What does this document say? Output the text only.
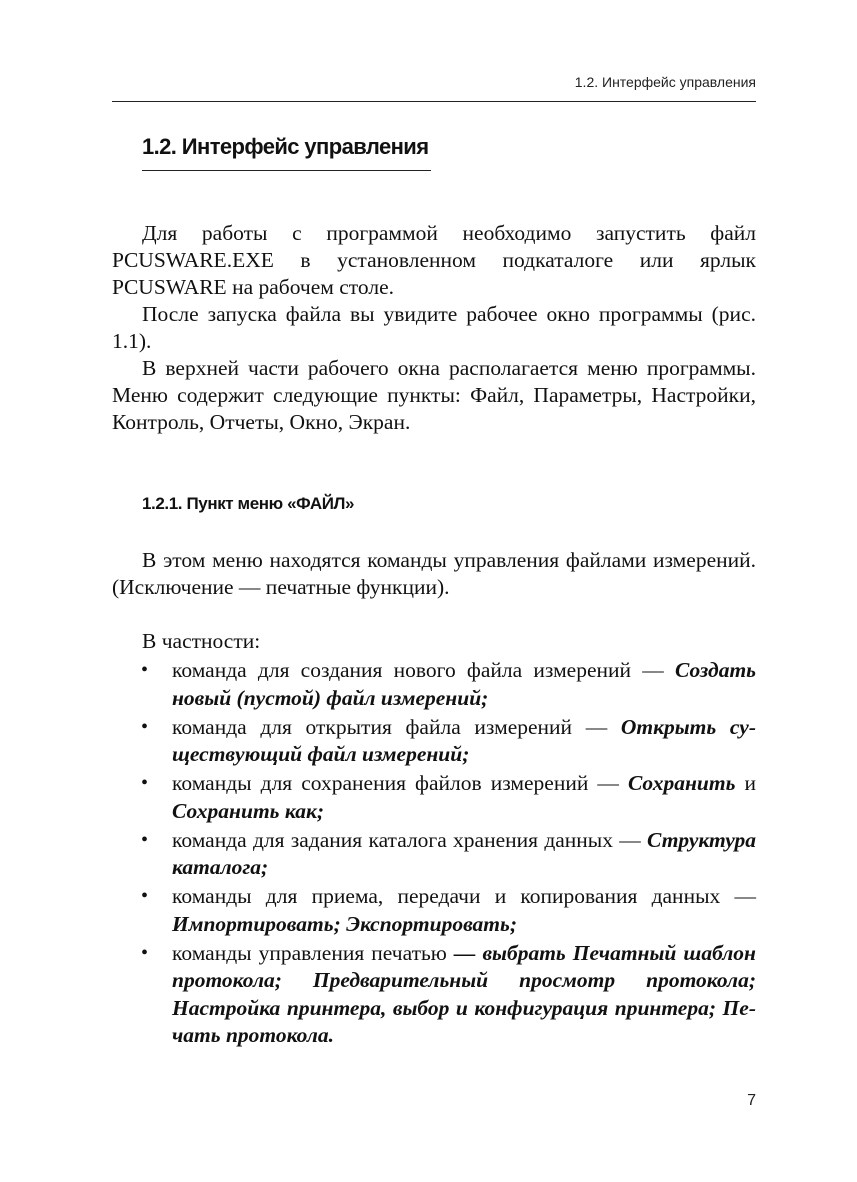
1.2. Интерфейс управления
1.2. Интерфейс управления

Для работы с программой необходимо запустить файл PCUSWARE.EXE в установленном подкаталоге или ярлык PCUSWARE на рабочем столе.

После запуска файла вы увидите рабочее окно программы (рис. 1.1).

В верхней части рабочего окна располагается меню программы. Меню содержит следующие пункты: Файл, Параметры, Настройки, Контроль, Отчеты, Окно, Экран.

1.2.1. Пункт меню «ФАЙЛ»

В этом меню находятся команды управления файлами измерений. (Исключение — печатные функции).

В частности:

• команда для создания нового файла измерений — Создать новый (пустой) файл измерений;
• команда для открытия файла измерений — Открыть существующий файл измерений;
• команды для сохранения файлов измерений — Сохранить и Сохранить как;
• команда для задания каталога хранения данных — Структура каталога;
• команды для приема, передачи и копирования данных — Импортировать; Экспортировать;
• команды управления печатью — выбрать Печатный шаблон протокола; Предварительный просмотр протокола; Настройка принтера, выбор и конфигурация принтера; Печать протокола.
7
